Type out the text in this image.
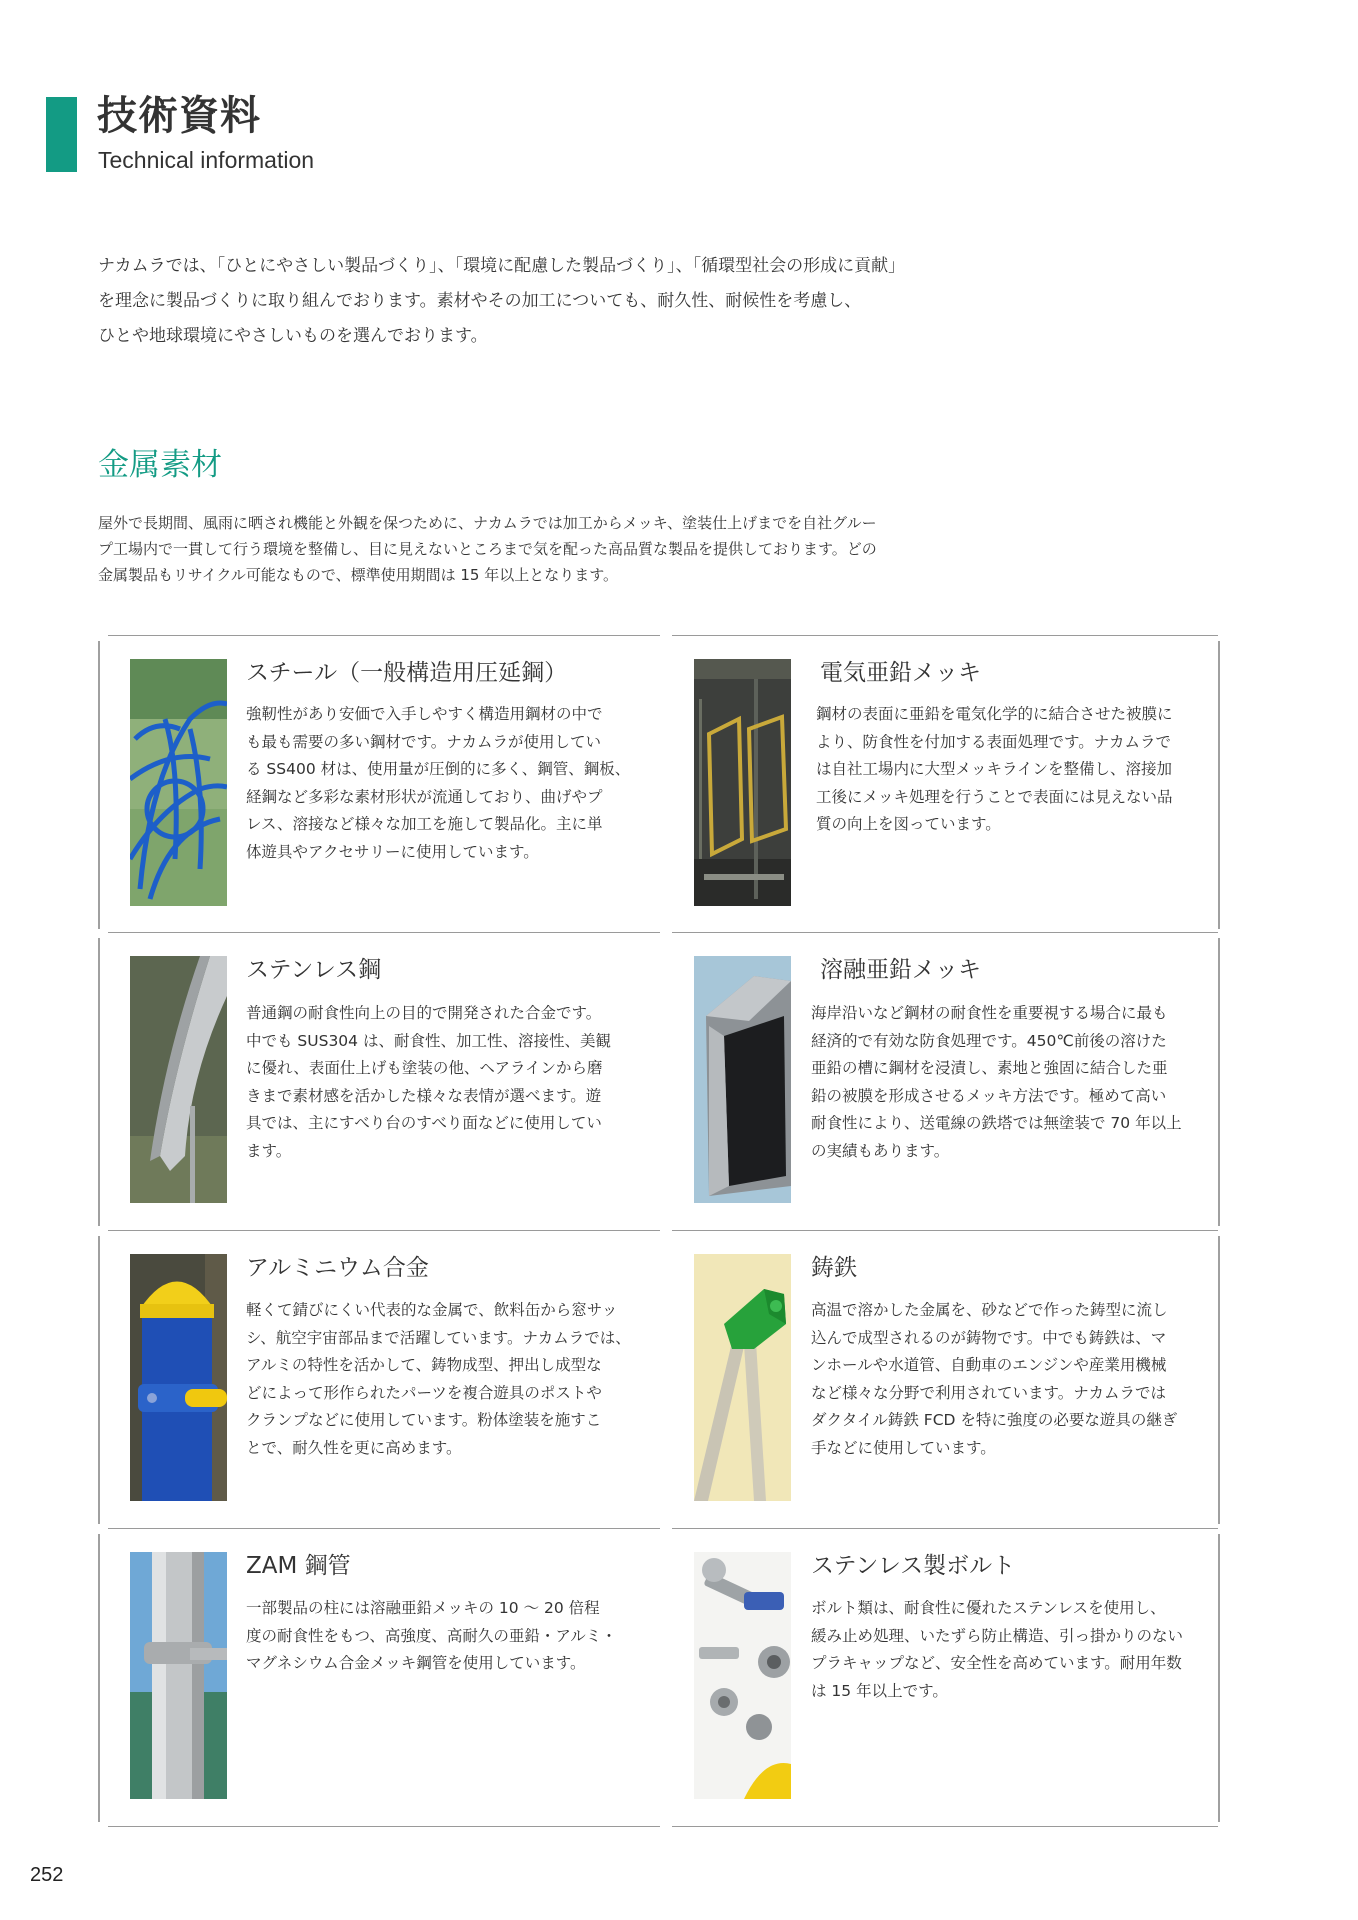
技術資料
Technical information

ナカムラでは、「ひとにやさしい製品づくり」、「環境に配慮した製品づくり」、「循環型社会の形成に貢献」

を理念に製品づくりに取り組んでおります。素材やその加工についても、耐久性、耐候性を考慮し、

ひとや地球環境にやさしいものを選んでおります。

金属素材

屋外で長期間、風雨に晒され機能と外観を保つために、ナカムラでは加工からメッキ、塗装仕上げまでを自社グルー

プ工場内で一貫して行う環境を整備し、目に見えないところまで気を配った高品質な製品を提供しております。どの

金属製品もリサイクル可能なもので、標準使用期間は 15 年以上となります。

スチール（一般構造用圧延鋼）

強靭性があり安価で入手しやすく構造用鋼材の中で

も最も需要の多い鋼材です。ナカムラが使用してい

る SS400 材は、使用量が圧倒的に多く、鋼管、鋼板、

経鋼など多彩な素材形状が流通しており、曲げやプ

レス、溶接など様々な加工を施して製品化。主に単

体遊具やアクセサリーに使用しています。

電気亜鉛メッキ

鋼材の表面に亜鉛を電気化学的に結合させた被膜に

より、防食性を付加する表面処理です。ナカムラで

は自社工場内に大型メッキラインを整備し、溶接加

工後にメッキ処理を行うことで表面には見えない品

質の向上を図っています。

ステンレス鋼

普通鋼の耐食性向上の目的で開発された合金です。

中でも SUS304 は、耐食性、加工性、溶接性、美観

に優れ、表面仕上げも塗装の他、ヘアラインから磨

きまで素材感を活かした様々な表情が選べます。遊

具では、主にすべり台のすべり面などに使用してい

ます。

溶融亜鉛メッキ

海岸沿いなど鋼材の耐食性を重要視する場合に最も

経済的で有効な防食処理です。450℃前後の溶けた

亜鉛の槽に鋼材を浸漬し、素地と強固に結合した亜

鉛の被膜を形成させるメッキ方法です。極めて高い

耐食性により、送電線の鉄塔では無塗装で 70 年以上

の実績もあります。

アルミニウム合金

軽くて錆びにくい代表的な金属で、飲料缶から窓サッ

シ、航空宇宙部品まで活躍しています。ナカムラでは、

アルミの特性を活かして、鋳物成型、押出し成型な

どによって形作られたパーツを複合遊具のポストや

クランプなどに使用しています。粉体塗装を施すこ

とで、耐久性を更に高めます。

鋳鉄

高温で溶かした金属を、砂などで作った鋳型に流し

込んで成型されるのが鋳物です。中でも鋳鉄は、マ

ンホールや水道管、自動車のエンジンや産業用機械

など様々な分野で利用されています。ナカムラでは

ダクタイル鋳鉄 FCD を特に強度の必要な遊具の継ぎ

手などに使用しています。

ZAM 鋼管

一部製品の柱には溶融亜鉛メッキの 10 ～ 20 倍程

度の耐食性をもつ、高強度、高耐久の亜鉛・アルミ・

マグネシウム合金メッキ鋼管を使用しています。

ステンレス製ボルト

ボルト類は、耐食性に優れたステンレスを使用し、

緩み止め処理、いたずら防止構造、引っ掛かりのない

プラキャップなど、安全性を高めています。耐用年数

は 15 年以上です。

252
